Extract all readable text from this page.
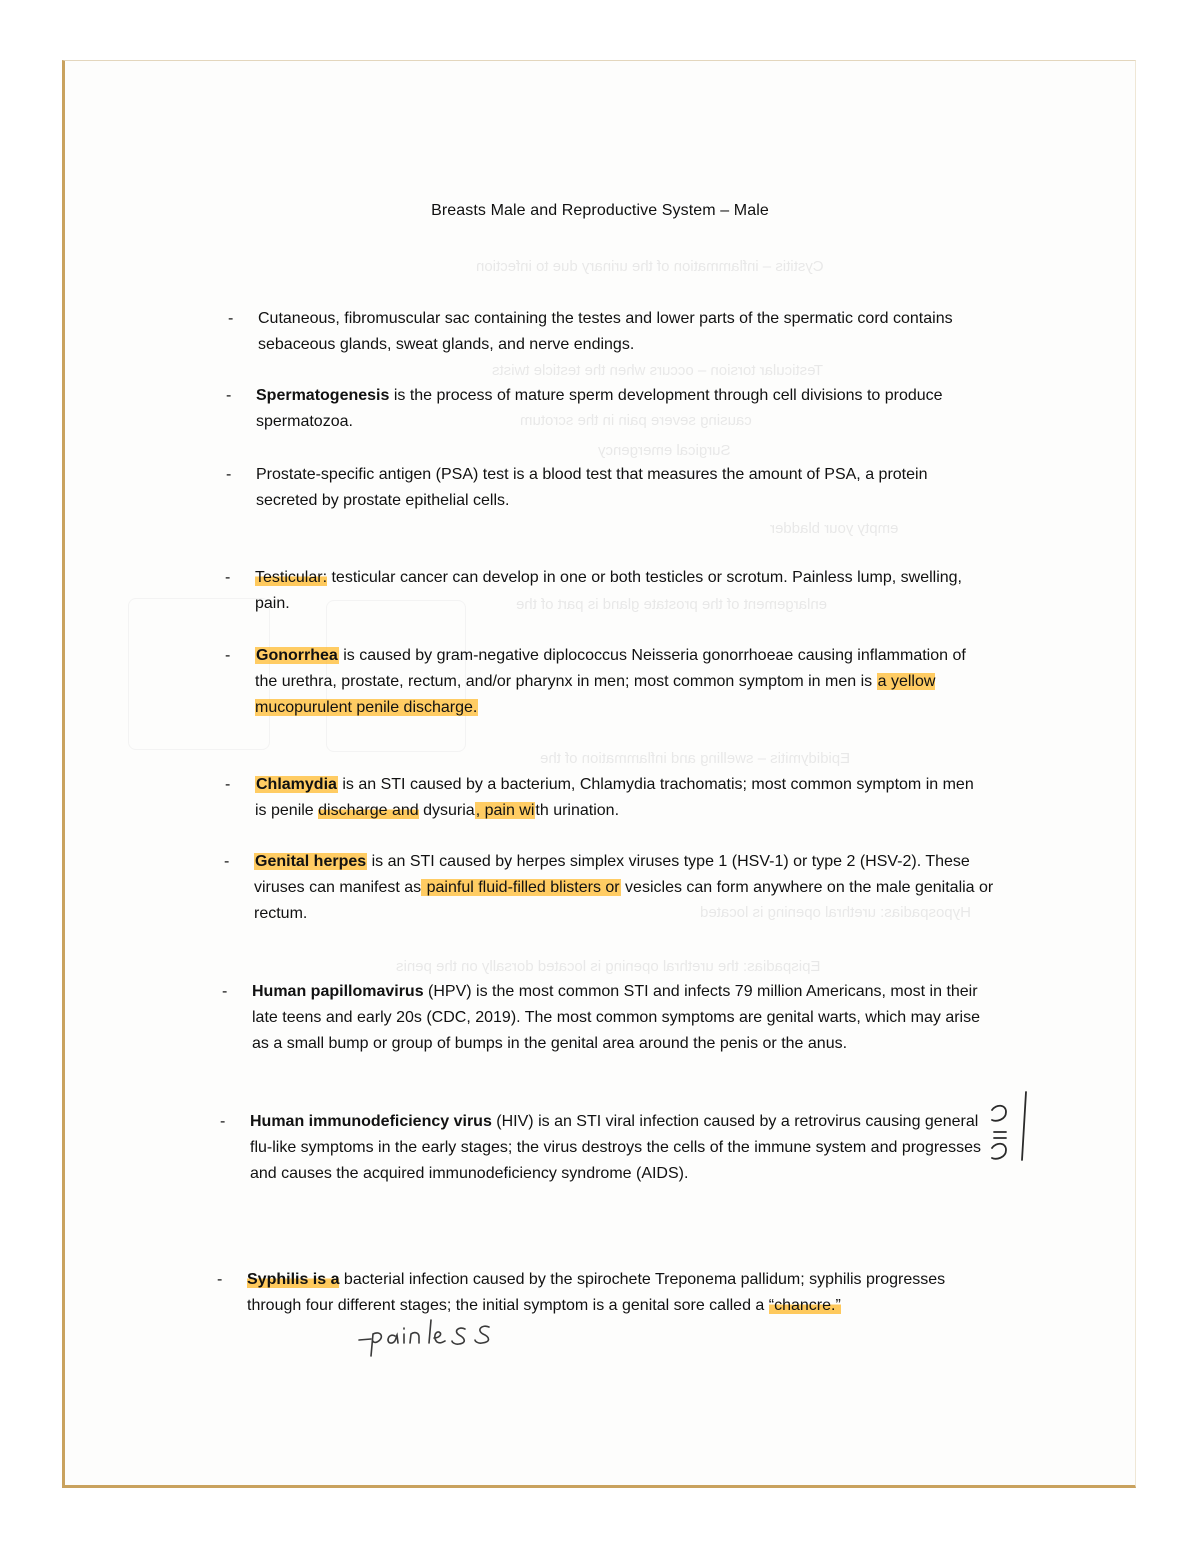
Cystitis – inflammation of the urinary due to infection
Testicular torsion – occurs when the testicle twists
causing severe pain in the scrotum
Surgical emergency
empty your bladder
enlargement of the prostate gland is part of the
Epididymitis – swelling and inflammation of the
Hypospadias: urethral opening is located
Epispadias: the urethral opening is located dorsally on the penis
Breasts Male and Reproductive System – Male
- Cutaneous, fibromuscular sac containing the testes and lower parts of the spermatic cord contains sebaceous glands, sweat glands, and nerve endings.
- Spermatogenesis is the process of mature sperm development through cell divisions to produce spermatozoa.
- Prostate-specific antigen (PSA) test is a blood test that measures the amount of PSA, a protein secreted by prostate epithelial cells.
- Testicular: testicular cancer can develop in one or both testicles or scrotum. Painless lump, swelling, pain.
- Gonorrhea is caused by gram-negative diplococcus Neisseria gonorrhoeae causing inflammation of the urethra, prostate, rectum, and/or pharynx in men; most common symptom in men is a yellow mucopurulent penile discharge.
- Chlamydia is an STI caused by a bacterium, Chlamydia trachomatis; most common symptom in men is penile discharge and dysuria, pain with urination.
- Genital herpes is an STI caused by herpes simplex viruses type 1 (HSV-1) or type 2 (HSV-2). These viruses can manifest as painful fluid-filled blisters or vesicles can form anywhere on the male genitalia or rectum.
- Human papillomavirus (HPV) is the most common STI and infects 79 million Americans, most in their late teens and early 20s (CDC, 2019). The most common symptoms are genital warts, which may arise as a small bump or group of bumps in the genital area around the penis or the anus.
- Human immunodeficiency virus (HIV) is an STI viral infection caused by a retrovirus causing general flu-like symptoms in the early stages; the virus destroys the cells of the immune system and progresses and causes the acquired immunodeficiency syndrome (AIDS).
- Syphilis is a bacterial infection caused by the spirochete Treponema pallidum; syphilis progresses through four different stages; the initial symptom is a genital sore called a “chancre.”
